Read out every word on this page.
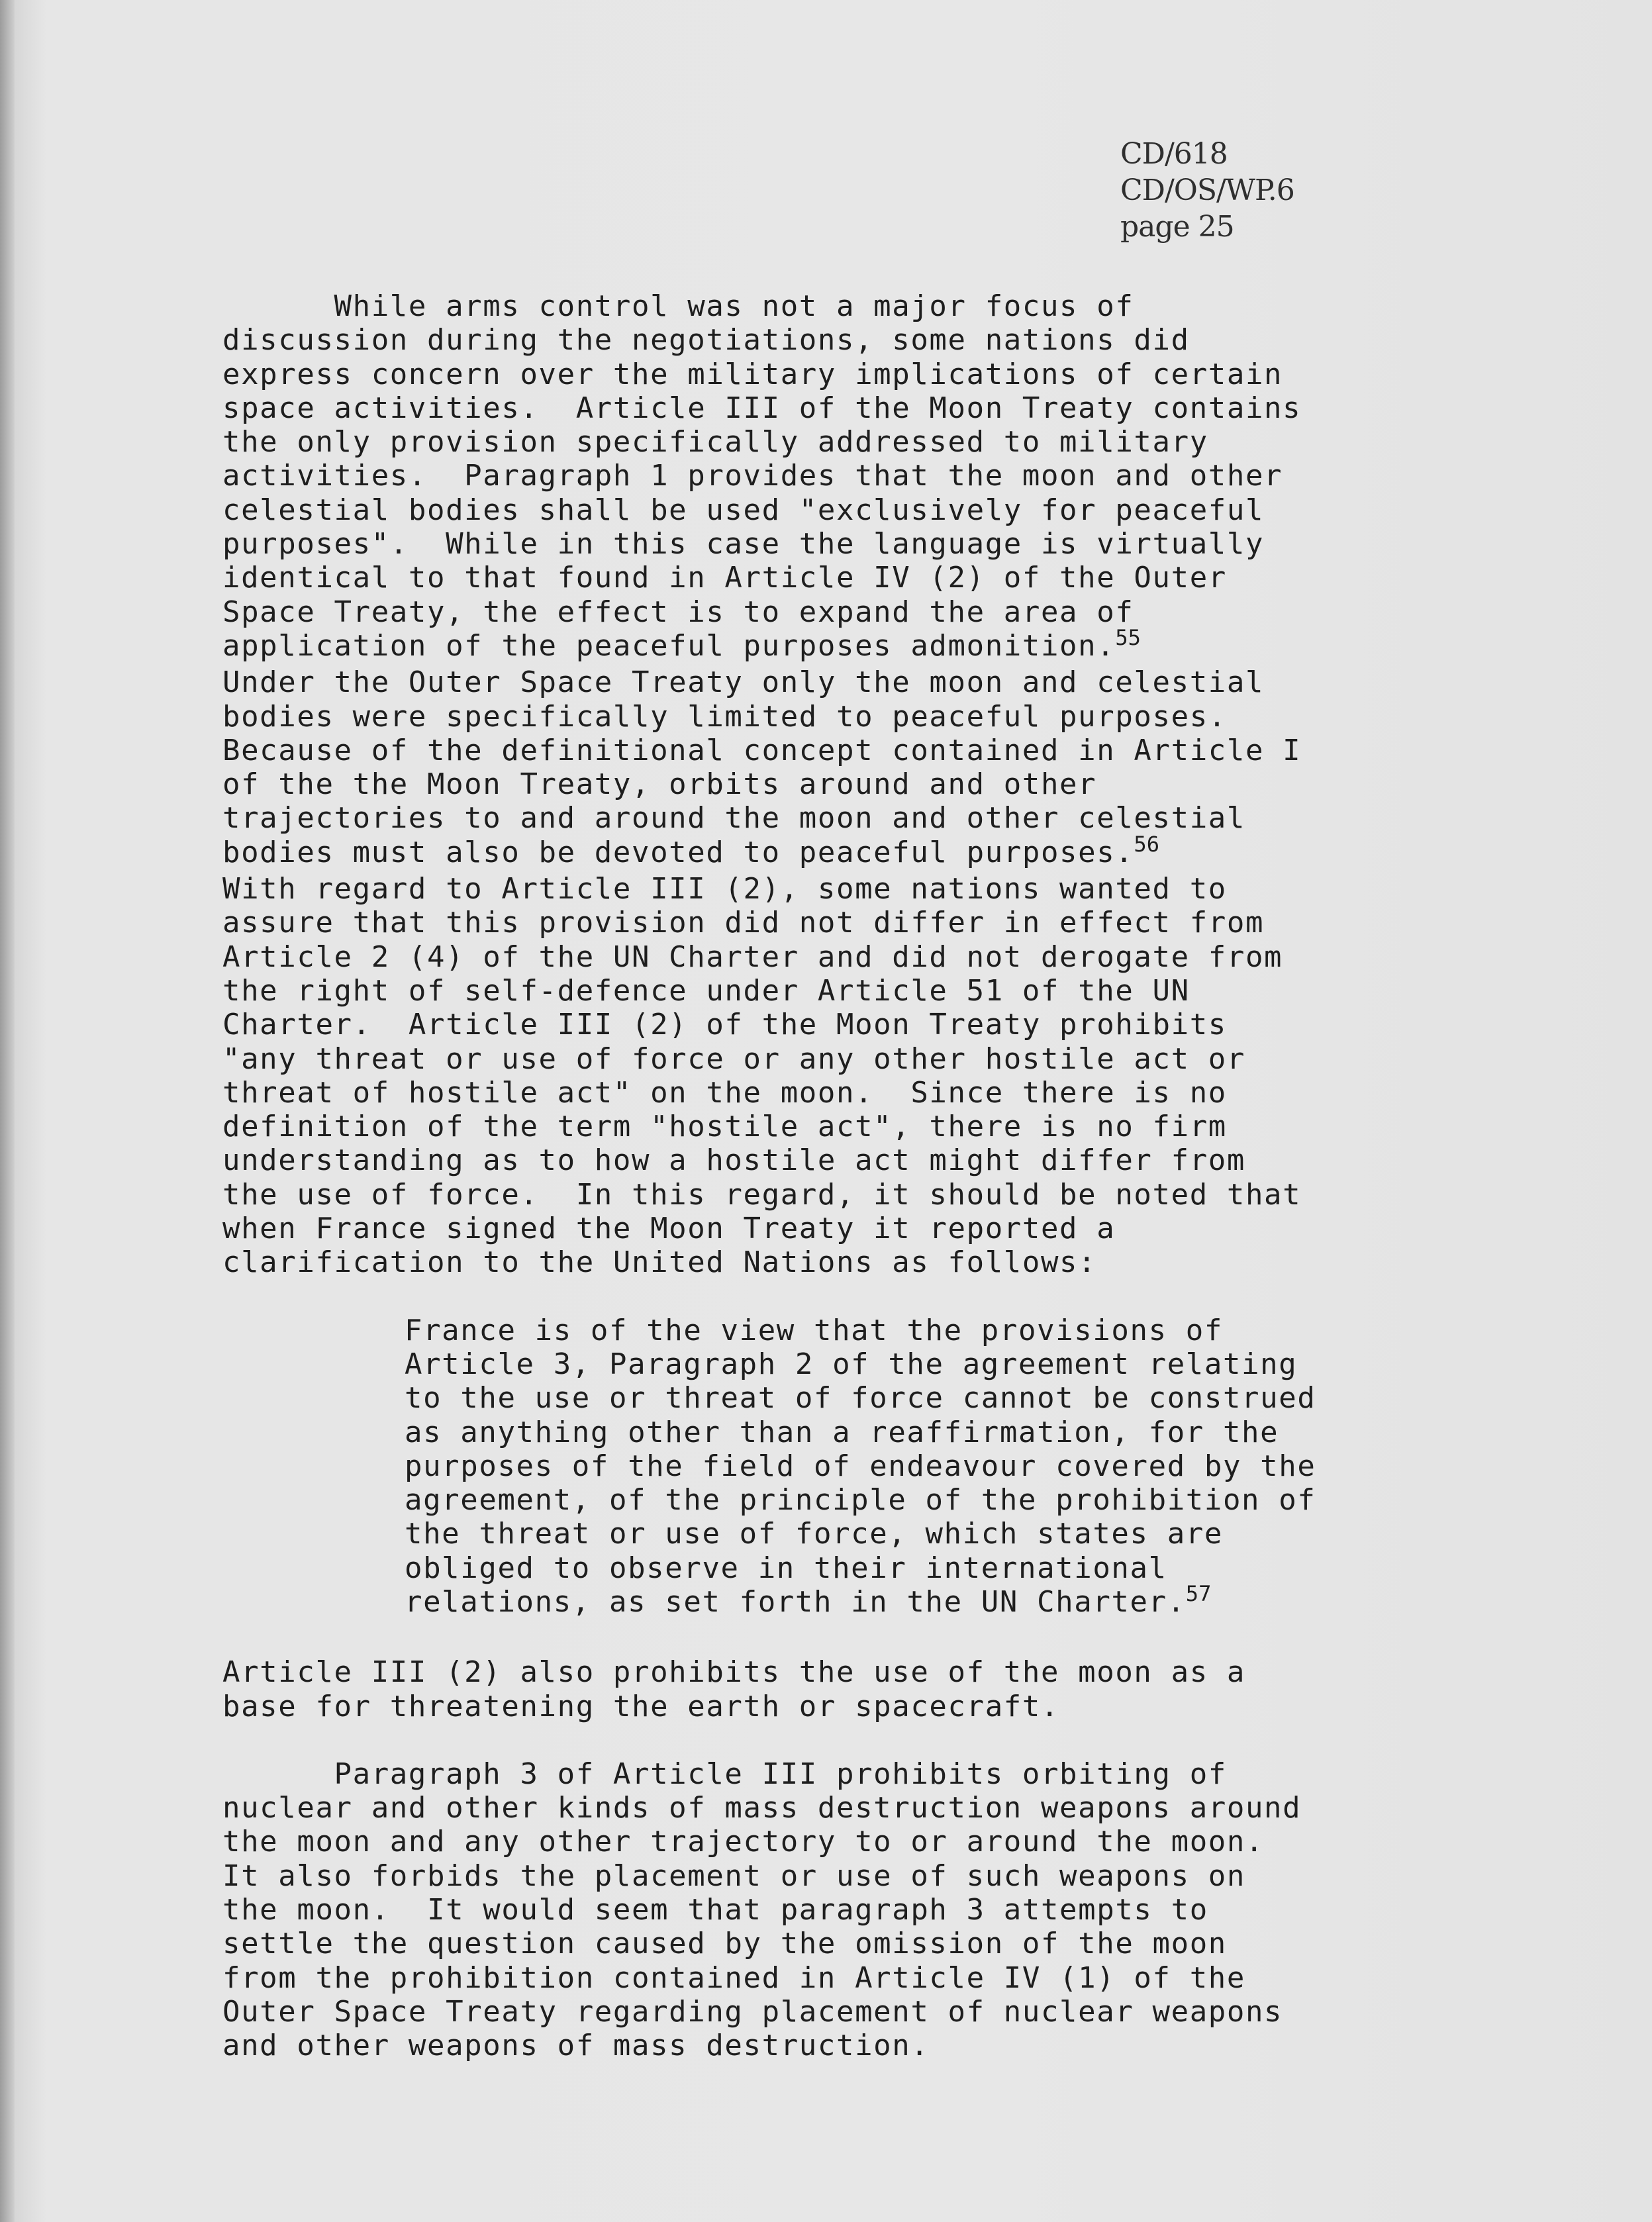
CD/618
CD/OS/WP.6
page 25
While arms control was not a major focus of
discussion during the negotiations, some nations did
express concern over the military implications of certain
space activities.  Article III of the Moon Treaty contains
the only provision specifically addressed to military
activities.  Paragraph 1 provides that the moon and other
celestial bodies shall be used "exclusively for peaceful
purposes".  While in this case the language is virtually
identical to that found in Article IV (2) of the Outer
Space Treaty, the effect is to expand the area of
application of the peaceful purposes admonition.$^{55}$
Under the Outer Space Treaty only the moon and celestial
bodies were specifically limited to peaceful purposes.
Because of the definitional concept contained in Article I
of the the Moon Treaty, orbits around and other
trajectories to and around the moon and other celestial
bodies must also be devoted to peaceful purposes.$^{56}$
With regard to Article III (2), some nations wanted to
assure that this provision did not differ in effect from
Article 2 (4) of the UN Charter and did not derogate from
the right of self-defence under Article 51 of the UN
Charter.  Article III (2) of the Moon Treaty prohibits
"any threat or use of force or any other hostile act or
threat of hostile act" on the moon.  Since there is no
definition of the term "hostile act", there is no firm
understanding as to how a hostile act might differ from
the use of force.  In this regard, it should be noted that
when France signed the Moon Treaty it reported a
clarification to the United Nations as follows:
France is of the view that the provisions of
Article 3, Paragraph 2 of the agreement relating
to the use or threat of force cannot be construed
as anything other than a reaffirmation, for the
purposes of the field of endeavour covered by the
agreement, of the principle of the prohibition of
the threat or use of force, which states are
obliged to observe in their international
relations, as set forth in the UN Charter.$^{57}$
Article III (2) also prohibits the use of the moon as a
base for threatening the earth or spacecraft.
Paragraph 3 of Article III prohibits orbiting of
nuclear and other kinds of mass destruction weapons around
the moon and any other trajectory to or around the moon.
It also forbids the placement or use of such weapons on
the moon.  It would seem that paragraph 3 attempts to
settle the question caused by the omission of the moon
from the prohibition contained in Article IV (1) of the
Outer Space Treaty regarding placement of nuclear weapons
and other weapons of mass destruction.
